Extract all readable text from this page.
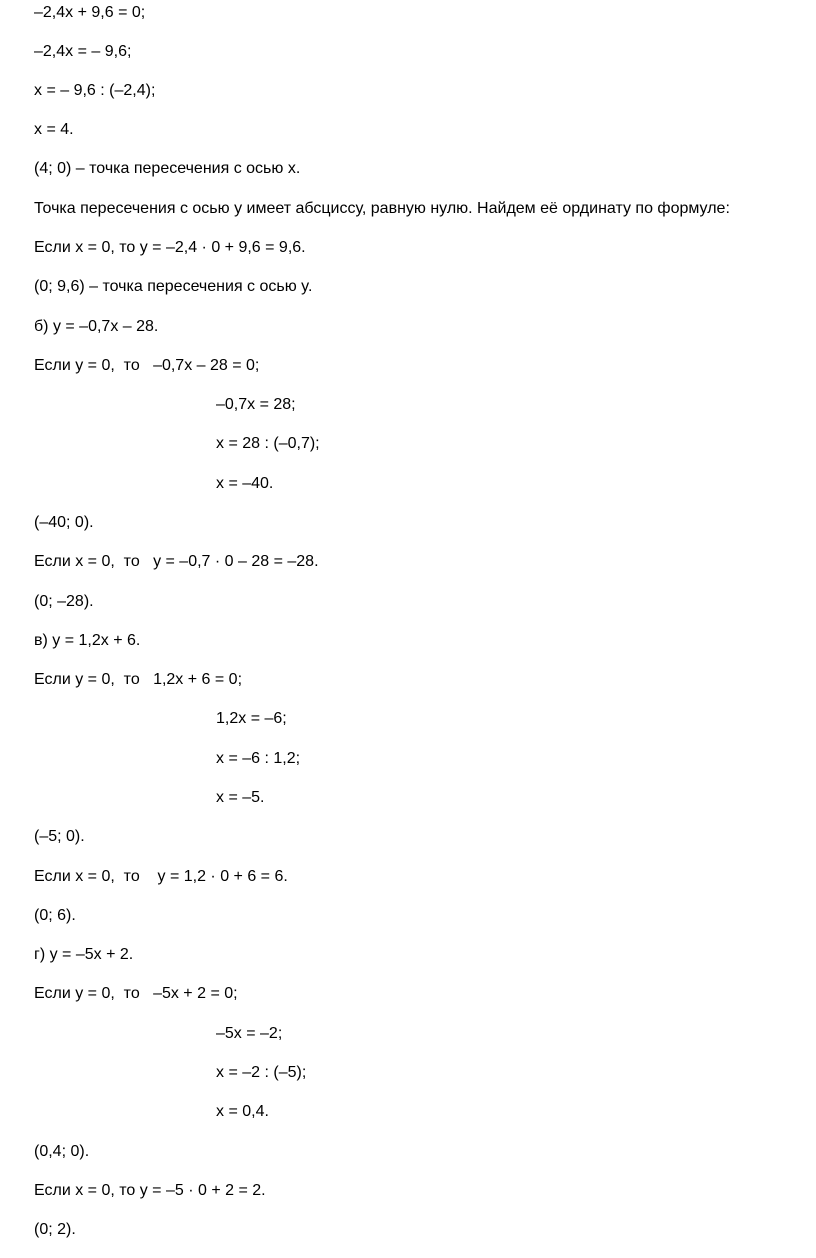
–2,4x + 9,6 = 0;
–2,4x = – 9,6;
x = – 9,6 : (–2,4);
x = 4.
(4; 0) – точка пересечения с осью x.
Точка пересечения с осью y имеет абсциссу, равную нулю. Найдем её ординату по формуле:
Если x = 0, то y = –2,4 · 0 + 9,6 = 9,6.
(0; 9,6) – точка пересечения с осью y.
б) y = –0,7x – 28.
Если y = 0,  то   –0,7x – 28 = 0;
–0,7x = 28;
x = 28 : (–0,7);
x = –40.
(–40; 0).
Если x = 0,  то   y = –0,7 · 0 – 28 = –28.
(0; –28).
в) y = 1,2x + 6.
Если y = 0,  то   1,2x + 6 = 0;
1,2x = –6;
x = –6 : 1,2;
x = –5.
(–5; 0).
Если x = 0,  то    y = 1,2 · 0 + 6 = 6.
(0; 6).
г) y = –5x + 2.
Если y = 0,  то   –5x + 2 = 0;
–5x = –2;
x = –2 : (–5);
x = 0,4.
(0,4; 0).
Если x = 0, то y = –5 · 0 + 2 = 2.
(0; 2).
